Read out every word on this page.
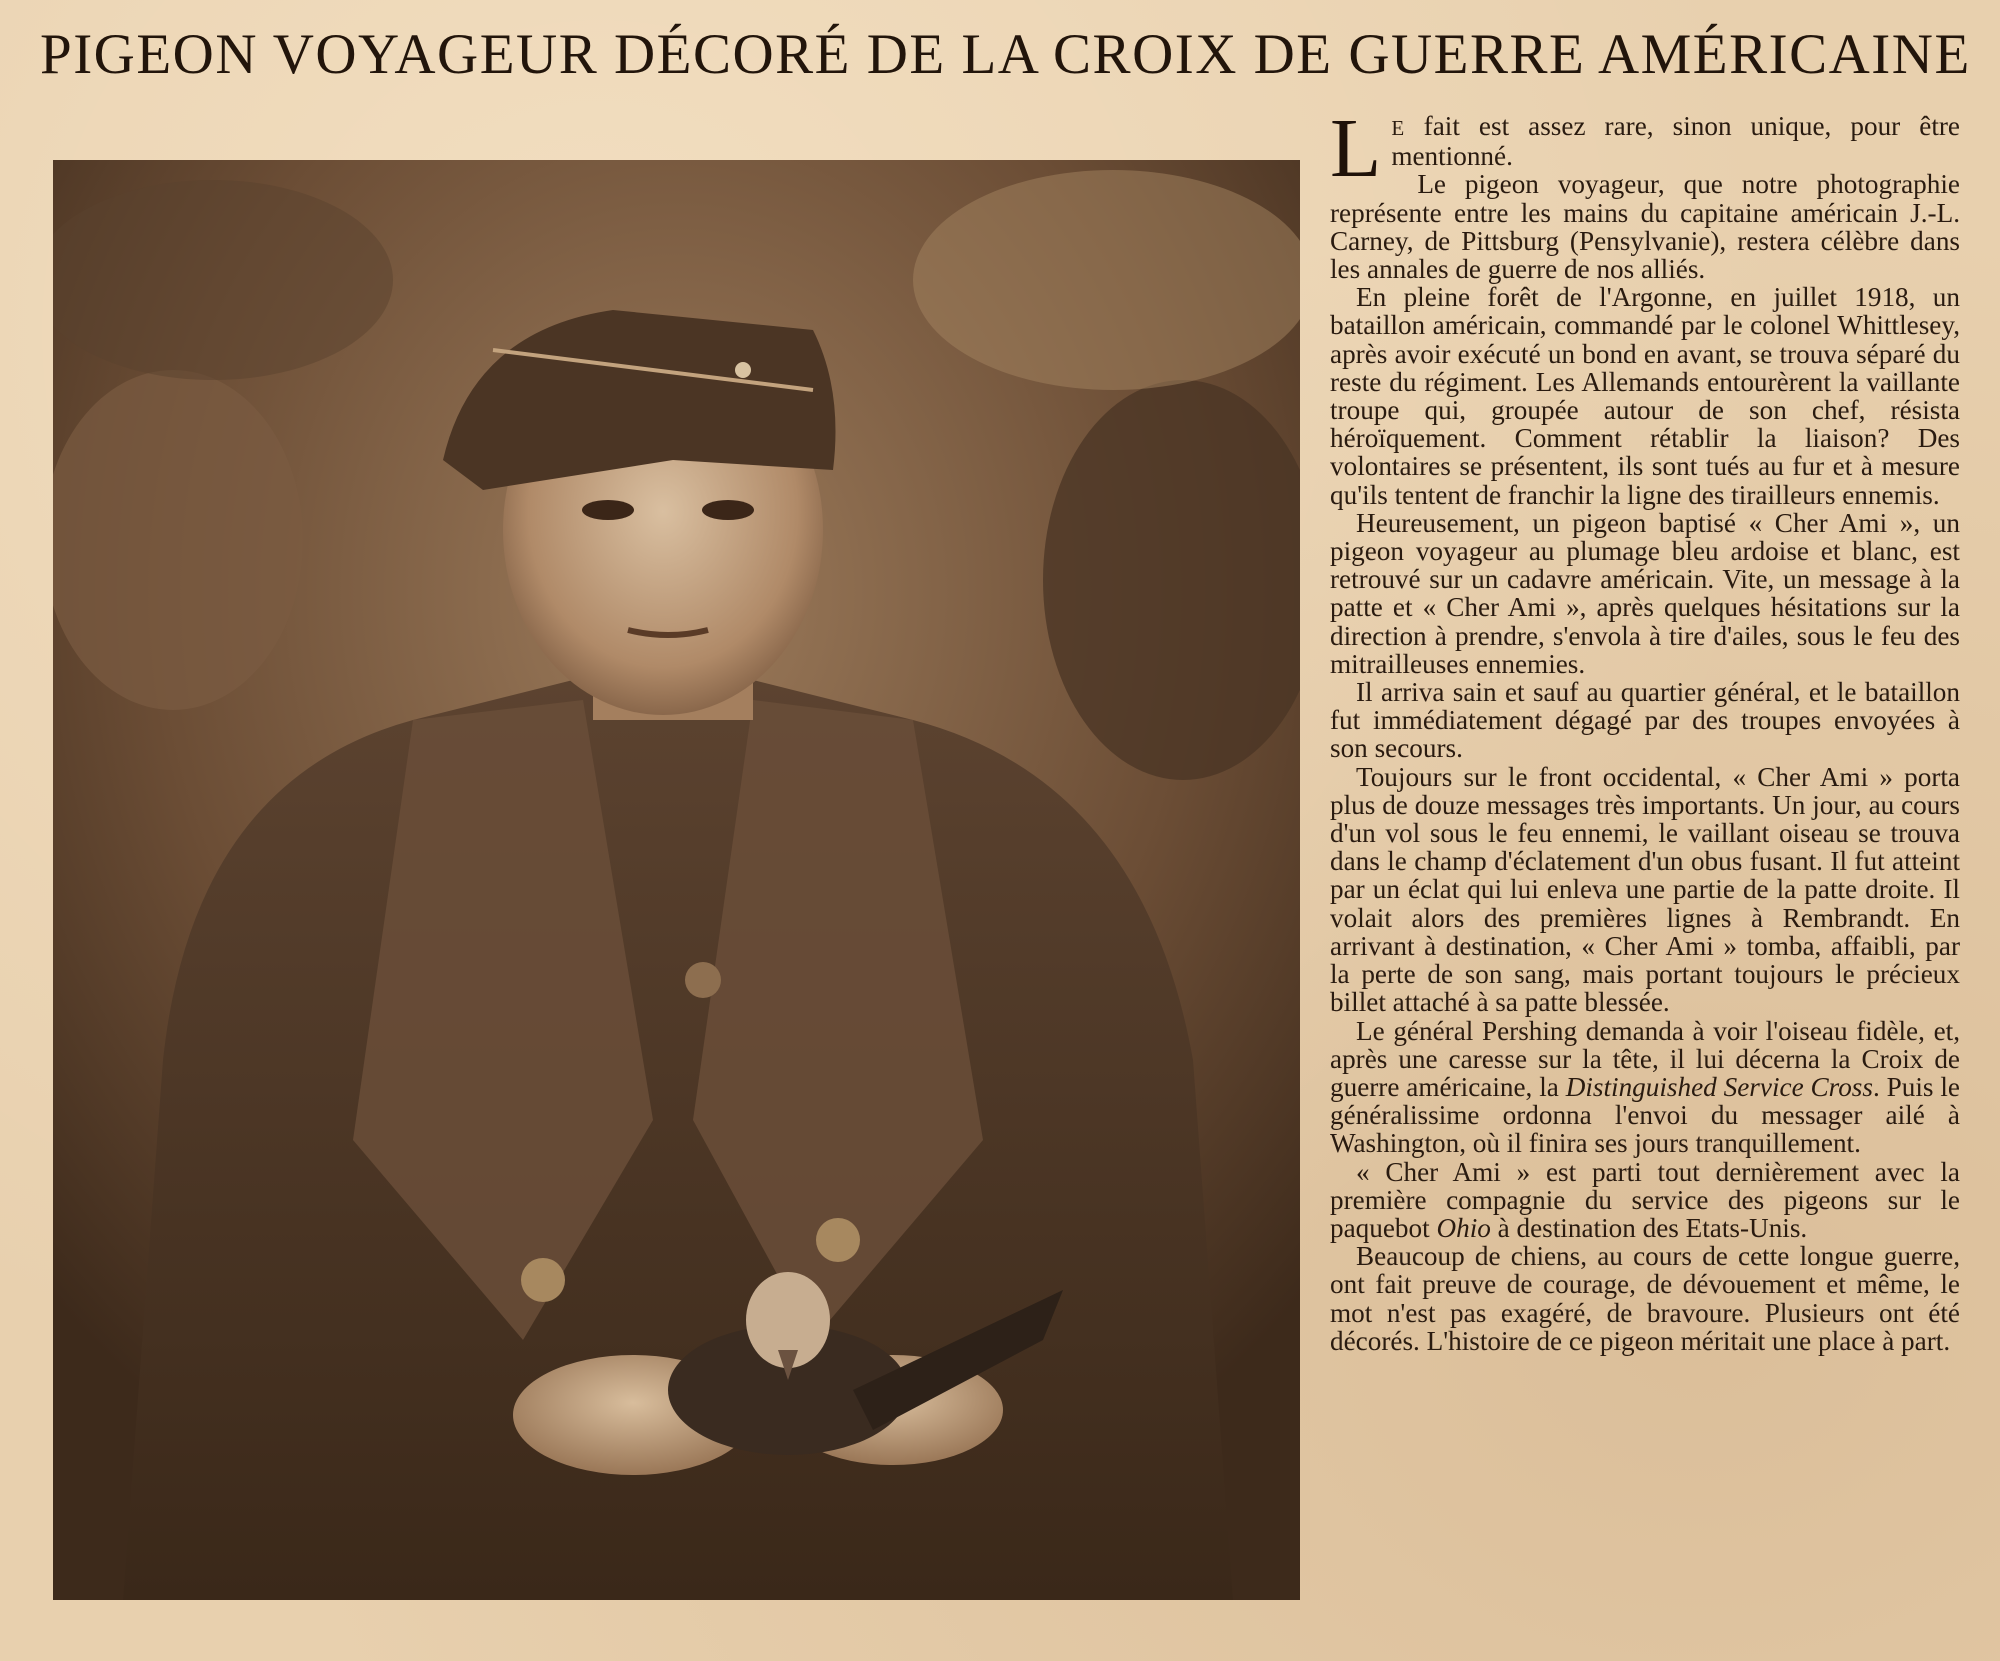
PIGEON VOYAGEUR DÉCORÉ DE LA CROIX DE GUERRE AMÉRICAINE

L E fait est assez rare, sinon unique, pour être mentionné.

Le pigeon voyageur, que notre photographie représente entre les mains du capitaine américain J.-L. Carney, de Pittsburg (Pensylvanie), restera célèbre dans les annales de guerre de nos alliés.

En pleine forêt de l'Argonne, en juillet 1918, un bataillon américain, commandé par le colonel Whittlesey, après avoir exécuté un bond en avant, se trouva séparé du reste du régiment. Les Allemands entourèrent la vaillante troupe qui, groupée autour de son chef, résista héroïquement. Comment rétablir la liaison? Des volontaires se présentent, ils sont tués au fur et à mesure qu'ils tentent de franchir la ligne des tirailleurs ennemis.

Heureusement, un pigeon baptisé « Cher Ami », un pigeon voyageur au plumage bleu ardoise et blanc, est retrouvé sur un cadavre américain. Vite, un message à la patte et « Cher Ami », après quelques hésitations sur la direction à prendre, s'envola à tire d'ailes, sous le feu des mitrailleuses ennemies.

Il arriva sain et sauf au quartier général, et le bataillon fut immédiatement dégagé par des troupes envoyées à son secours.

Toujours sur le front occidental, « Cher Ami » porta plus de douze messages très importants. Un jour, au cours d'un vol sous le feu ennemi, le vaillant oiseau se trouva dans le champ d'éclatement d'un obus fusant. Il fut atteint par un éclat qui lui enleva une partie de la patte droite. Il volait alors des premières lignes à Rembrandt. En arrivant à destination, « Cher Ami » tomba, affaibli, par la perte de son sang, mais portant toujours le précieux billet attaché à sa patte blessée.

Le général Pershing demanda à voir l'oiseau fidèle, et, après une caresse sur la tête, il lui décerna la Croix de guerre américaine, la Distinguished Service Cross. Puis le généralissime ordonna l'envoi du messager ailé à Washington, où il finira ses jours tranquillement.

« Cher Ami » est parti tout dernièrement avec la première compagnie du service des pigeons sur le paquebot Ohio à destination des Etats-Unis.

Beaucoup de chiens, au cours de cette longue guerre, ont fait preuve de courage, de dévouement et même, le mot n'est pas exagéré, de bravoure. Plusieurs ont été décorés. L'histoire de ce pigeon méritait une place à part.
